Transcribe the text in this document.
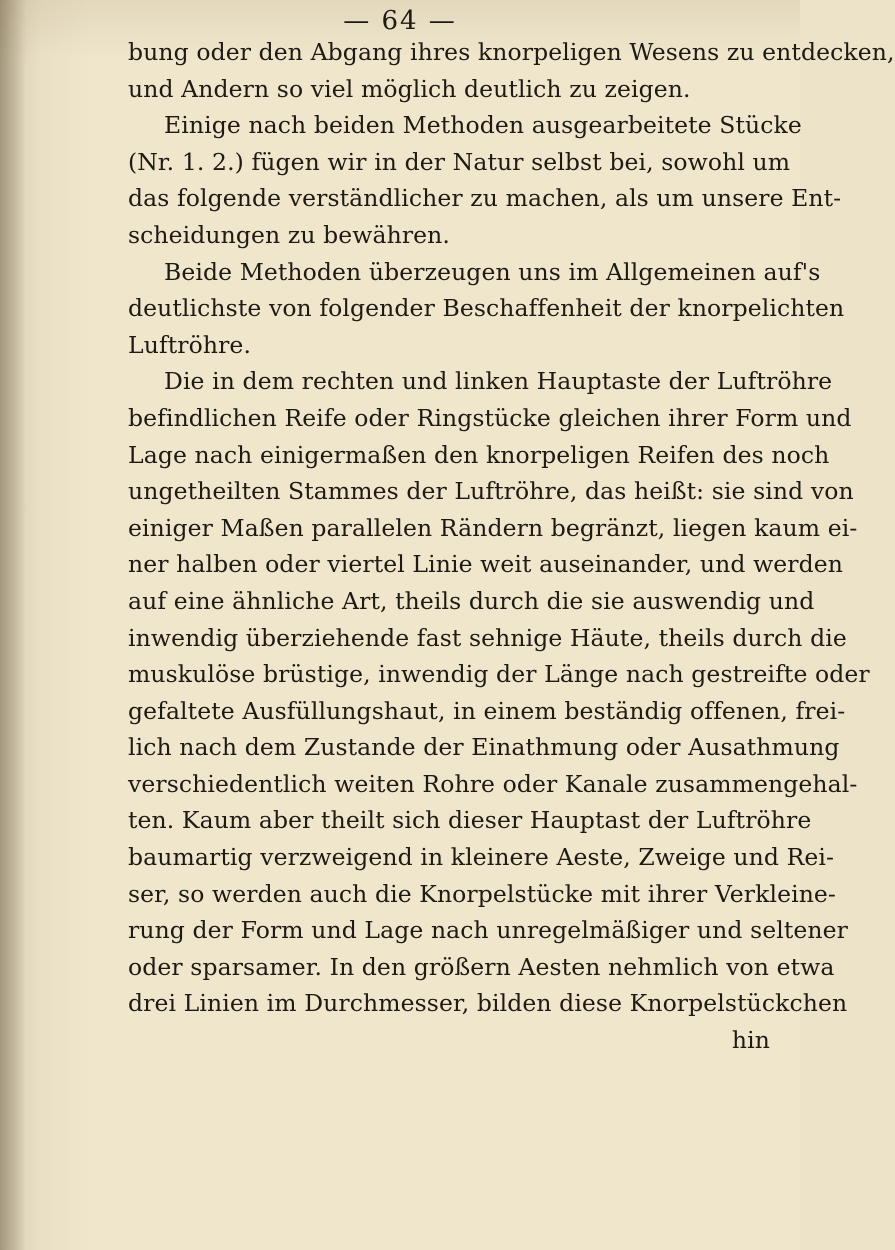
— 64 —
bung oder den Abgang ihres knorpeligen Wesens zu entdecken,
und Andern so viel möglich deutlich zu zeigen.
Einige nach beiden Methoden ausgearbeitete Stücke
(Nr. 1. 2.) fügen wir in der Natur selbst bei, sowohl um
das folgende verständlicher zu machen, als um unsere Ent-
scheidungen zu bewähren.
Beide Methoden überzeugen uns im Allgemeinen auf's
deutlichste von folgender Beschaffenheit der knorpelichten
Luftröhre.
Die in dem rechten und linken Hauptaste der Luftröhre
befindlichen Reife oder Ringstücke gleichen ihrer Form und
Lage nach einigermaßen den knorpeligen Reifen des noch
ungetheilten Stammes der Luftröhre, das heißt: sie sind von
einiger Maßen parallelen Rändern begränzt, liegen kaum ei-
ner halben oder viertel Linie weit auseinander, und werden
auf eine ähnliche Art, theils durch die sie auswendig und
inwendig überziehende fast sehnige Häute, theils durch die
muskulöse brüstige, inwendig der Länge nach gestreifte oder
gefaltete Ausfüllungshaut, in einem beständig offenen, frei-
lich nach dem Zustande der Einathmung oder Ausathmung
verschiedentlich weiten Rohre oder Kanale zusammengehal-
ten. Kaum aber theilt sich dieser Hauptast der Luftröhre
baumartig verzweigend in kleinere Aeste, Zweige und Rei-
ser, so werden auch die Knorpelstücke mit ihrer Verkleine-
rung der Form und Lage nach unregelmäßiger und seltener
oder sparsamer. In den größern Aesten nehmlich von etwa
drei Linien im Durchmesser, bilden diese Knorpelstückchen
hin
